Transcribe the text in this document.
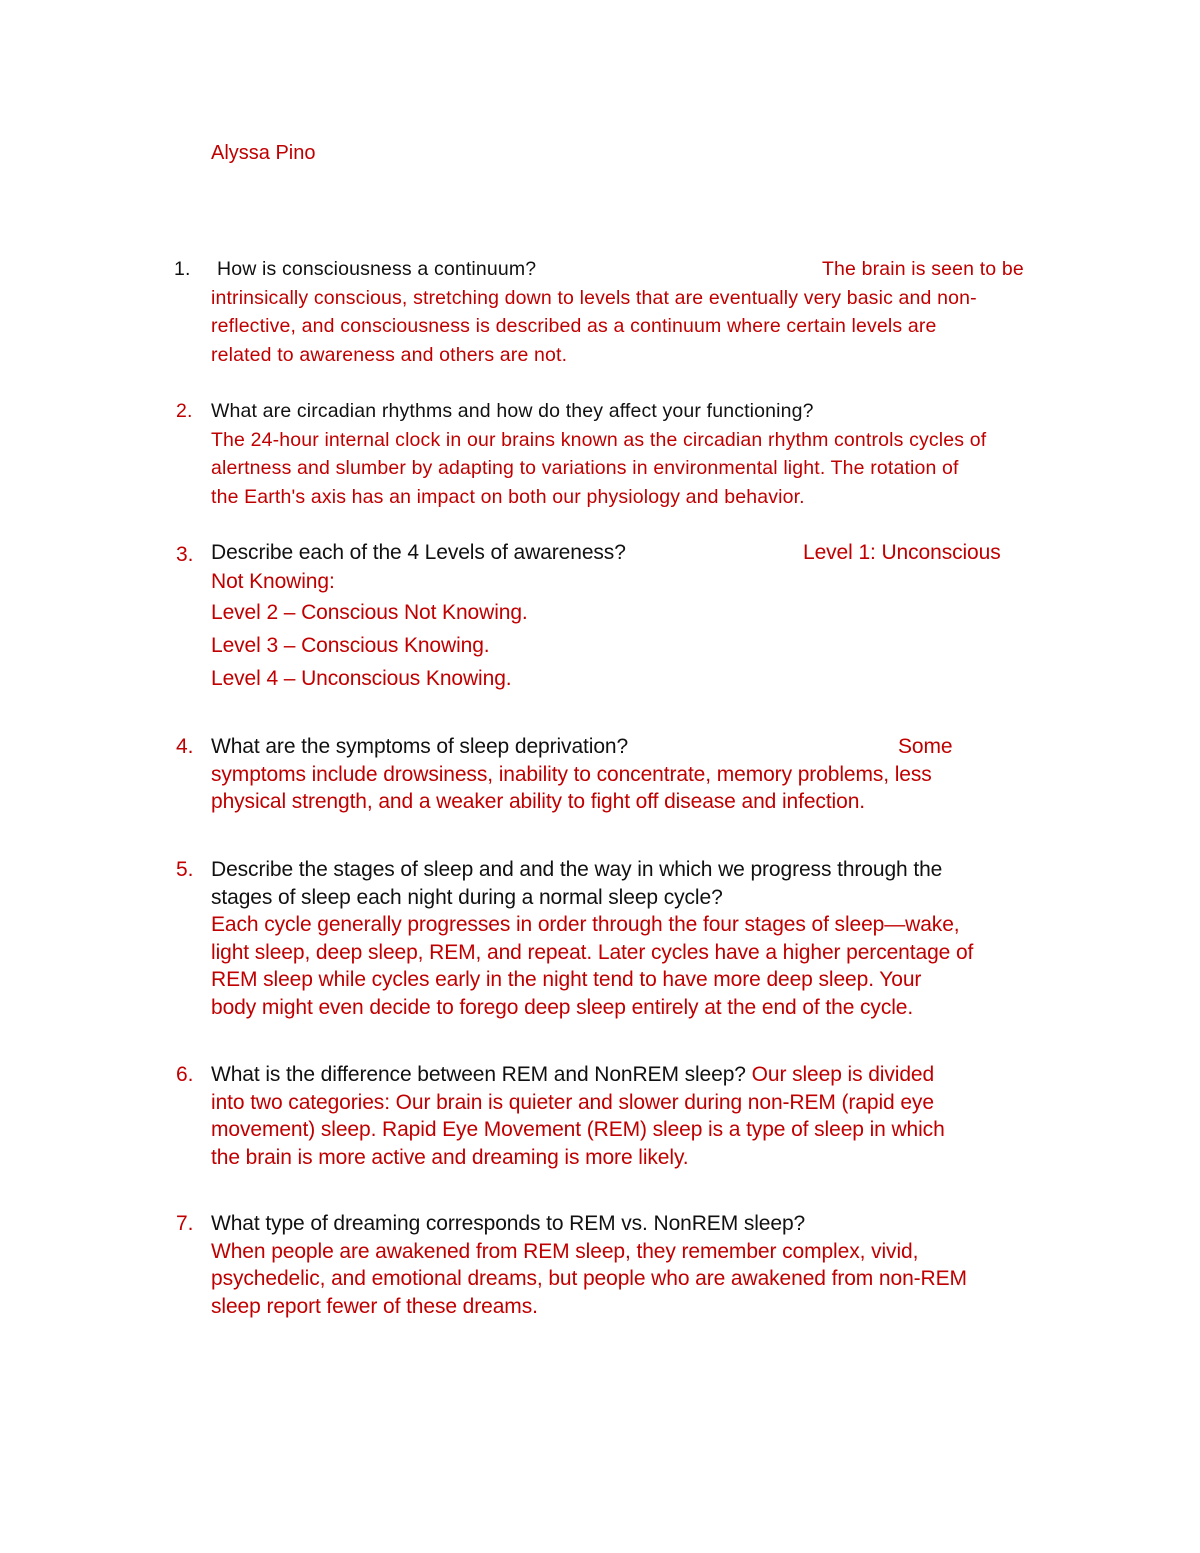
Alyssa Pino
1.	How is consciousness a continuum?	The brain is seen to be
intrinsically conscious, stretching down to levels that are eventually very basic and non-
reflective, and consciousness is described as a continuum where certain levels are
related to awareness and others are not.
2. What are circadian rhythms and how do they affect your functioning?
The 24-hour internal clock in our brains known as the circadian rhythm controls cycles of
alertness and slumber by adapting to variations in environmental light. The rotation of
the Earth's axis has an impact on both our physiology and behavior.
3. Describe each of the 4 Levels of awareness?	Level 1: Unconscious
Not Knowing:
Level 2 – Conscious Not Knowing.
Level 3 – Conscious Knowing.
Level 4 – Unconscious Knowing.
4. What are the symptoms of sleep deprivation?	Some
symptoms include drowsiness, inability to concentrate, memory problems, less
physical strength, and a weaker ability to fight off disease and infection.
5. Describe the stages of sleep and and the way in which we progress through the
stages of sleep each night during a normal sleep cycle?
Each cycle generally progresses in order through the four stages of sleep—wake,
light sleep, deep sleep, REM, and repeat. Later cycles have a higher percentage of
REM sleep while cycles early in the night tend to have more deep sleep. Your
body might even decide to forego deep sleep entirely at the end of the cycle.
6. What is the difference between REM and NonREM sleep? Our sleep is divided
into two categories: Our brain is quieter and slower during non-REM (rapid eye
movement) sleep. Rapid Eye Movement (REM) sleep is a type of sleep in which
the brain is more active and dreaming is more likely.
7. What type of dreaming corresponds to REM vs. NonREM sleep?
When people are awakened from REM sleep, they remember complex, vivid,
psychedelic, and emotional dreams, but people who are awakened from non-REM
sleep report fewer of these dreams.
